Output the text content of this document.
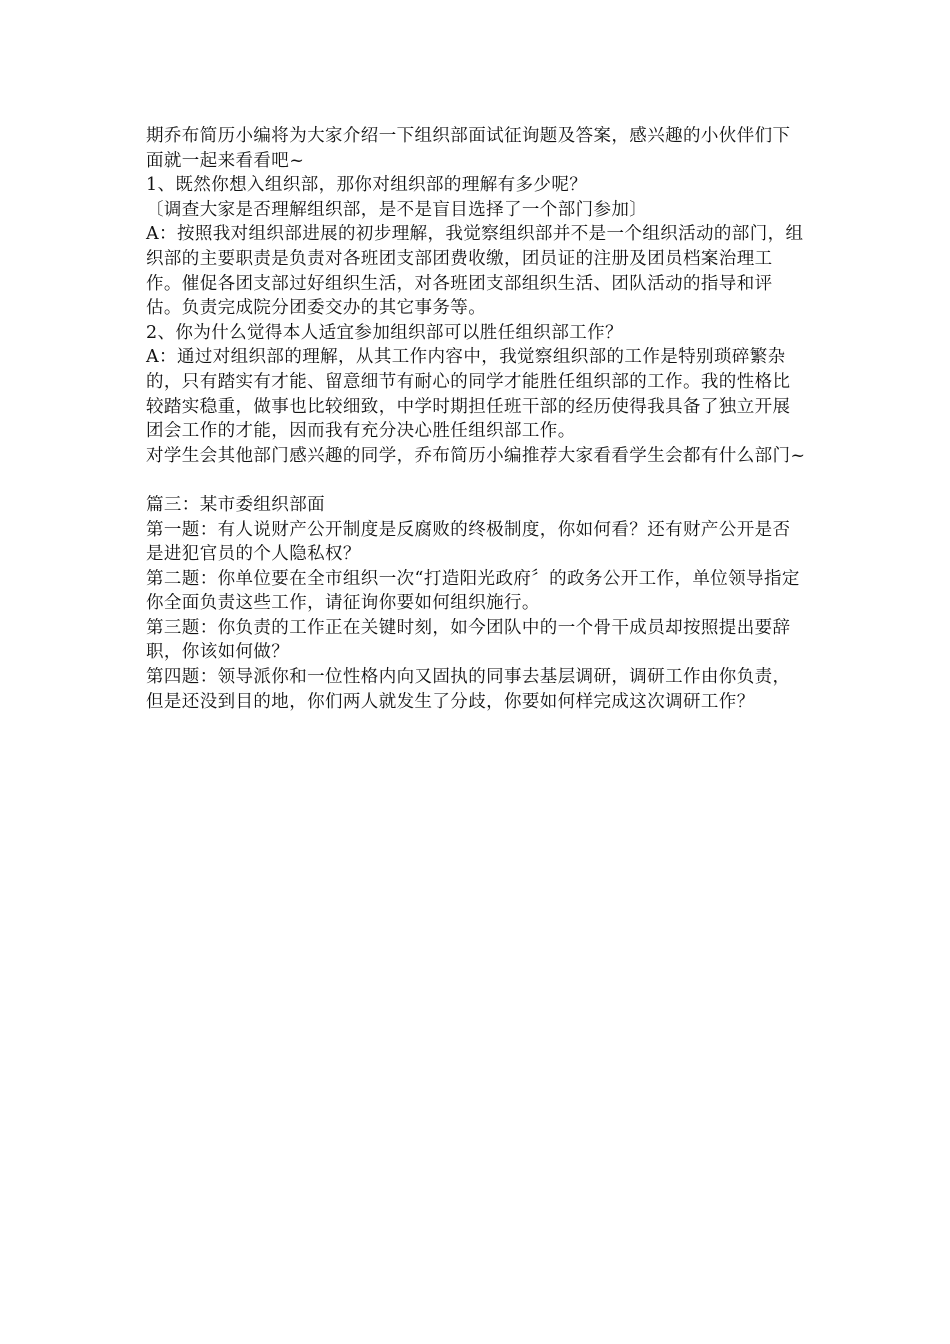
期乔布简历小编将为大家介绍一下组织部面试征询题及答案，感兴趣的小伙伴们下面就一起来看看吧~

1、既然你想入组织部，那你对组织部的理解有多少呢？

〔调查大家是否理解组织部，是不是盲目选择了一个部门参加〕

A：按照我对组织部进展的初步理解，我觉察组织部并不是一个组织活动的部门，组织部的主要职责是负责对各班团支部团费收缴，团员证的注册及团员档案治理工作。催促各团支部过好组织生活，对各班团支部组织生活、团队活动的指导和评估。负责完成院分团委交办的其它事务等。

2、你为什么觉得本人适宜参加组织部可以胜任组织部工作？

A：通过对组织部的理解，从其工作内容中，我觉察组织部的工作是特别琐碎繁杂的，只有踏实有才能、留意细节有耐心的同学才能胜任组织部的工作。我的性格比较踏实稳重，做事也比较细致，中学时期担任班干部的经历使得我具备了独立开展团会工作的才能，因而我有充分决心胜任组织部工作。

对学生会其他部门感兴趣的同学，乔布简历小编推荐大家看看学生会都有什么部门~

篇三：某市委组织部面

第一题：有人说财产公开制度是反腐败的终极制度，你如何看？还有财产公开是否是进犯官员的个人隐私权？

第二题：你单位要在全市组织一次“打造阳光政府〞的政务公开工作，单位领导指定你全面负责这些工作，请征询你要如何组织施行。

第三题：你负责的工作正在关键时刻，如今团队中的一个骨干成员却按照提出要辞职，你该如何做？

第四题：领导派你和一位性格内向又固执的同事去基层调研，调研工作由你负责，但是还没到目的地，你们两人就发生了分歧，你要如何样完成这次调研工作？
